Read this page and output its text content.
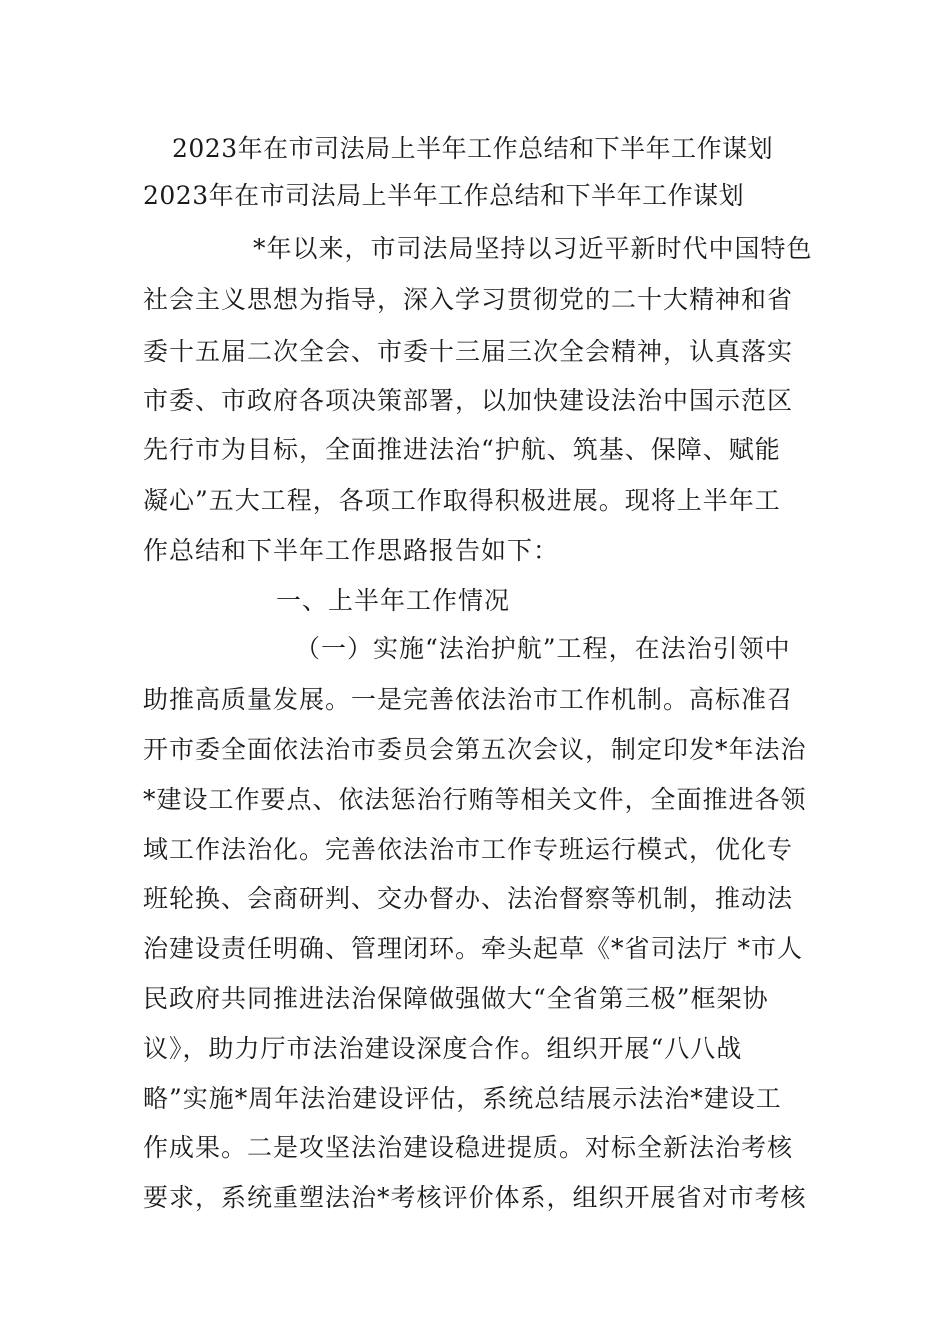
2023年在市司法局上半年工作总结和下半年工作谋划
2023年在市司法局上半年工作总结和下半年工作谋划
*年以来，市司法局坚持以习近平新时代中国特色
社会主义思想为指导，深入学习贯彻党的二十大精神和省
委十五届二次全会、市委十三届三次全会精神，认真落实
市委、市政府各项决策部署，以加快建设法治中国示范区
先行市为目标，全面推进法治“护航、筑基、保障、赋能
凝心”五大工程，各项工作取得积极进展。现将上半年工
作总结和下半年工作思路报告如下：
一、上半年工作情况
（一）实施“法治护航”工程，在法治引领中
助推高质量发展。一是完善依法治市工作机制。高标准召
开市委全面依法治市委员会第五次会议，制定印发*年法治
*建设工作要点、依法惩治行贿等相关文件，全面推进各领
域工作法治化。完善依法治市工作专班运行模式，优化专
班轮换、会商研判、交办督办、法治督察等机制，推动法
治建设责任明确、管理闭环。牵头起草《*省司法厅 *市人
民政府共同推进法治保障做强做大“全省第三极”框架协
议》，助力厅市法治建设深度合作。组织开展“八八战
略”实施*周年法治建设评估，系统总结展示法治*建设工
作成果。二是攻坚法治建设稳进提质。对标全新法治考核
要求，系统重塑法治*考核评价体系，组织开展省对市考核
